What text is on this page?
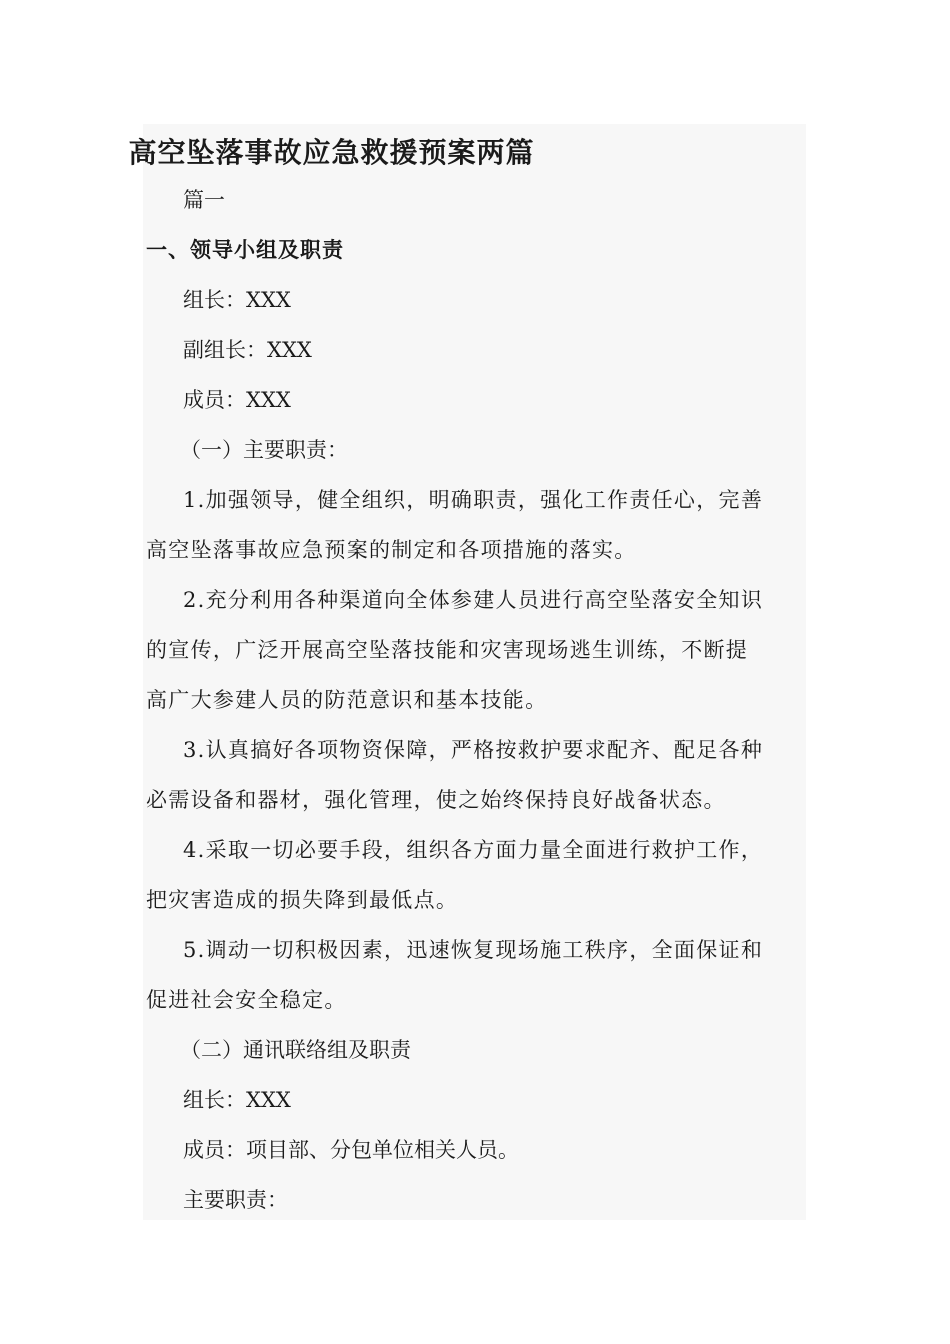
高空坠落事故应急救援预案两篇

篇一

一、领导小组及职责

组长：XXX

副组长：XXX

成员：XXX

（一）主要职责：

1.加强领导，健全组织，明确职责，强化工作责任心，完善

高空坠落事故应急预案的制定和各项措施的落实。

2.充分利用各种渠道向全体参建人员进行高空坠落安全知识

的宣传，广泛开展高空坠落技能和灾害现场逃生训练，不断提

高广大参建人员的防范意识和基本技能。

3.认真搞好各项物资保障，严格按救护要求配齐、配足各种

必需设备和器材，强化管理，使之始终保持良好战备状态。

4.采取一切必要手段，组织各方面力量全面进行救护工作，

把灾害造成的损失降到最低点。

5.调动一切积极因素，迅速恢复现场施工秩序，全面保证和

促进社会安全稳定。

（二）通讯联络组及职责

组长：XXX

成员：项目部、分包单位相关人员。

主要职责：
